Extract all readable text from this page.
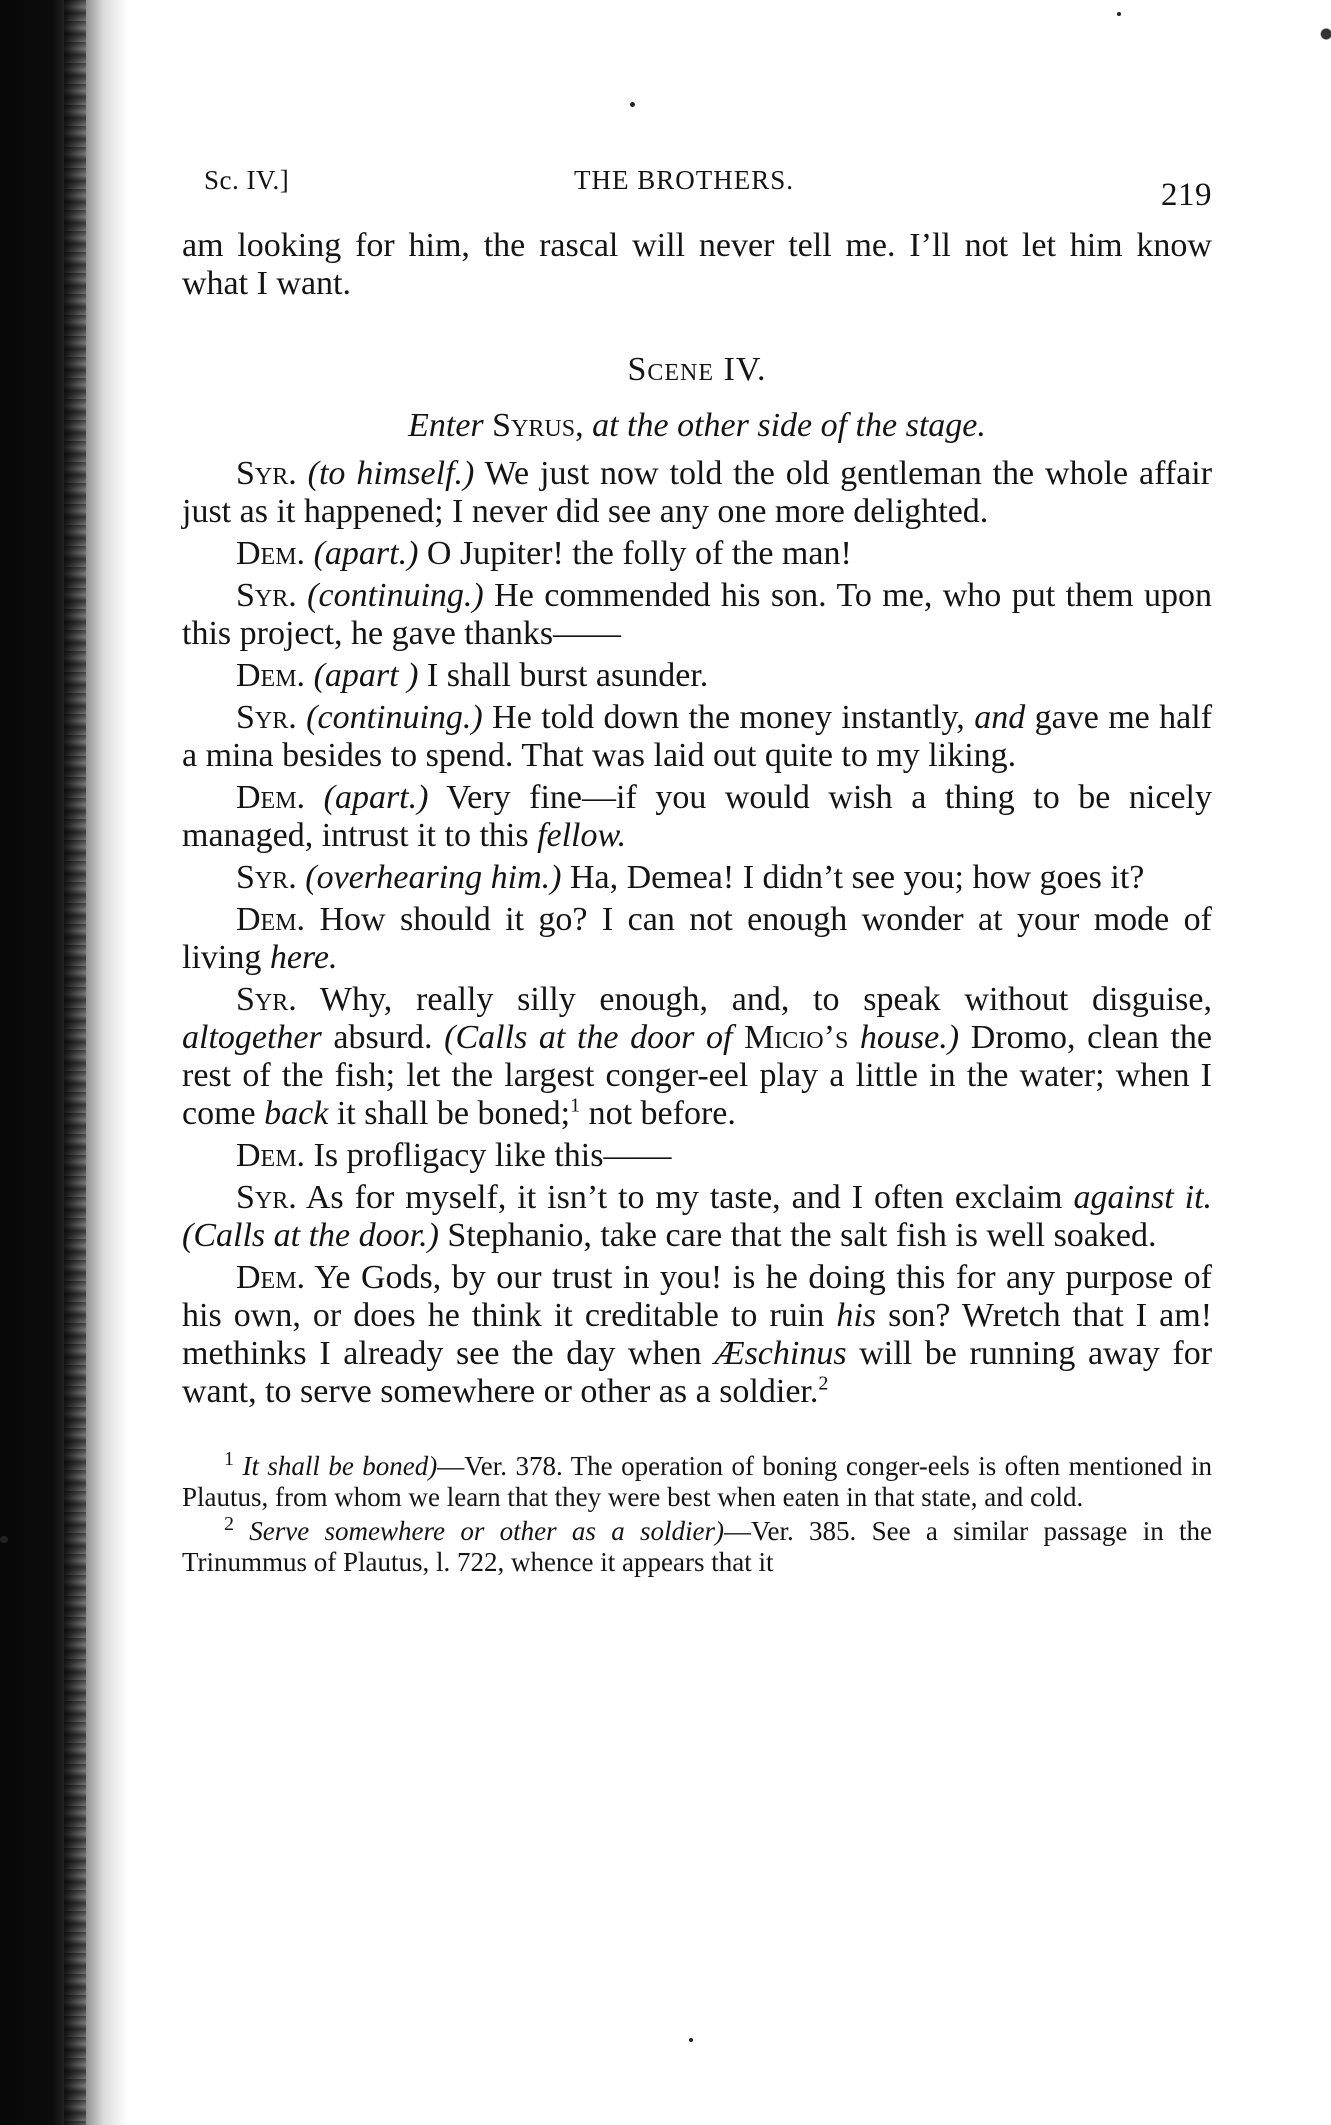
Sc. IV.]	THE BROTHERS.	219

am looking for him, the rascal will never tell me. I’ll not let him know what I want.

Scene IV.
Enter Syrus, at the other side of the stage.

Syr. (to himself.) We just now told the old gentleman the whole affair just as it happened; I never did see any one more delighted.

Dem. (apart.) O Jupiter! the folly of the man!

Syr. (continuing.) He commended his son. To me, who put them upon this project, he gave thanks——

Dem. (apart ) I shall burst asunder.

Syr. (continuing.) He told down the money instantly, and gave me half a mina besides to spend. That was laid out quite to my liking.

Dem. (apart.) Very fine—if you would wish a thing to be nicely managed, intrust it to this fellow.

Syr. (overhearing him.) Ha, Demea! I didn’t see you; how goes it?

Dem. How should it go? I can not enough wonder at your mode of living here.

Syr. Why, really silly enough, and, to speak without disguise, altogether absurd. (Calls at the door of Micio’s house.) Dromo, clean the rest of the fish; let the largest conger-eel play a little in the water; when I come back it shall be boned;$^1$ not before.

Dem. Is profligacy like this——

Syr. As for myself, it isn’t to my taste, and I often exclaim against it. (Calls at the door.) Stephanio, take care that the salt fish is well soaked.

Dem. Ye Gods, by our trust in you! is he doing this for any purpose of his own, or does he think it creditable to ruin his son? Wretch that I am! methinks I already see the day when Æschinus will be running away for want, to serve somewhere or other as a soldier.$^2$

$^1$ It shall be boned)—Ver. 378. The operation of boning conger-eels is often mentioned in Plautus, from whom we learn that they were best when eaten in that state, and cold.

$^2$ Serve somewhere or other as a soldier)—Ver. 385. See a similar passage in the Trinummus of Plautus, l. 722, whence it appears that it
